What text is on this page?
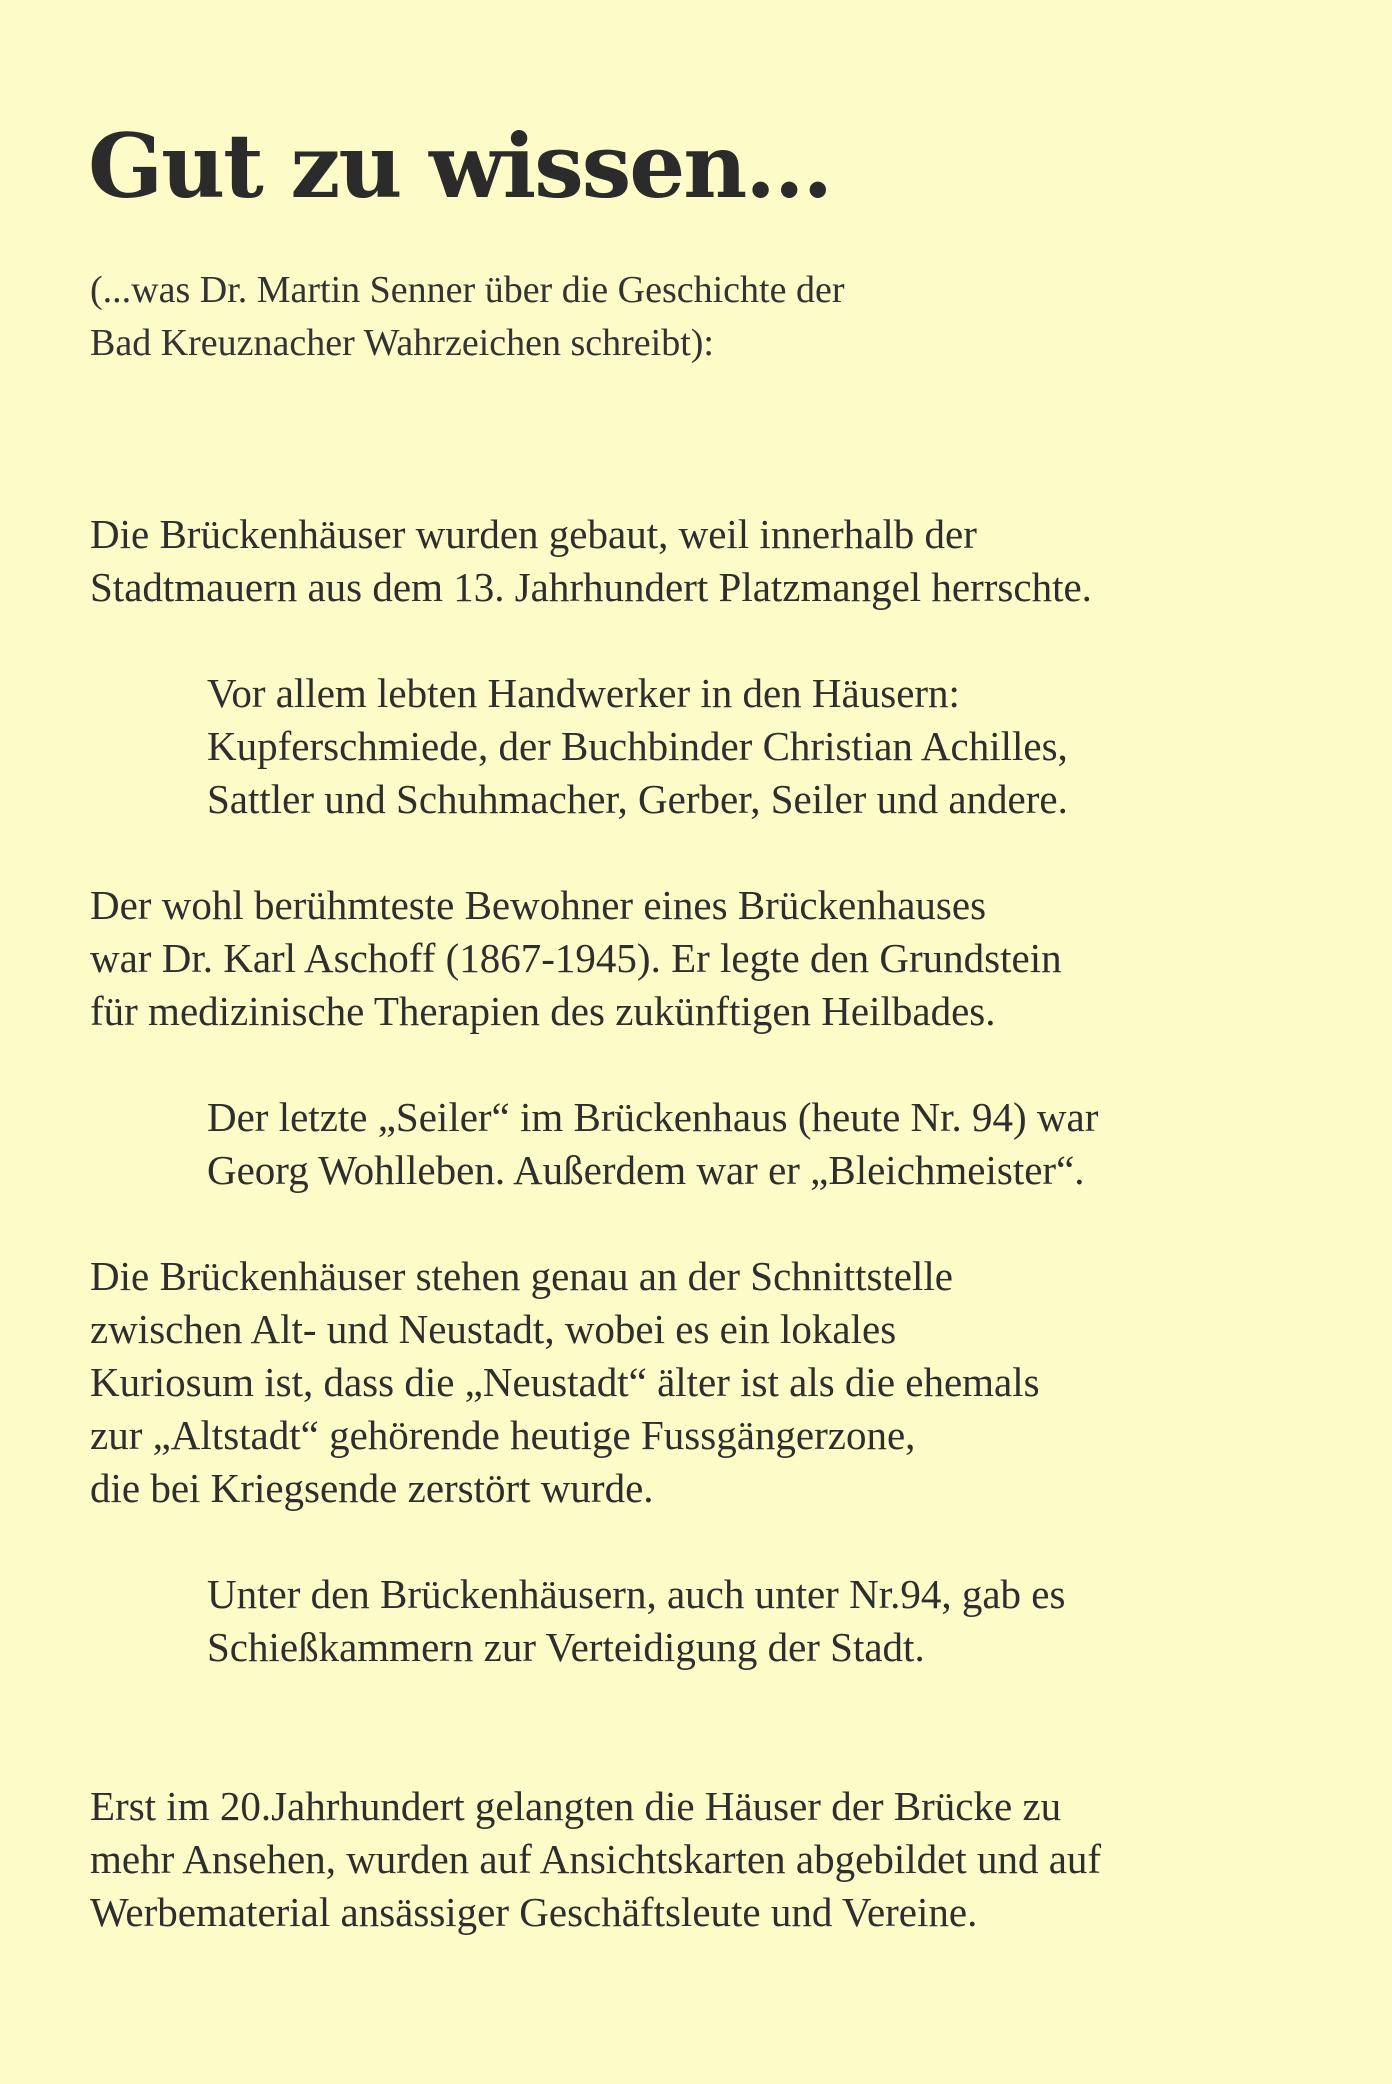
Gut zu wissen...

(...was Dr. Martin Senner über die Geschichte der
Bad Kreuznacher Wahrzeichen schreibt):

Die Brückenhäuser wurden gebaut, weil innerhalb der
Stadtmauern aus dem 13. Jahrhundert Platzmangel herrschte.

Vor allem lebten Handwerker in den Häusern:
Kupferschmiede, der Buchbinder Christian Achilles,
Sattler und Schuhmacher, Gerber, Seiler und andere.

Der wohl berühmteste Bewohner eines Brückenhauses
war Dr. Karl Aschoff (1867-1945). Er legte den Grundstein
für medizinische Therapien des zukünftigen Heilbades.

Der letzte „Seiler“ im Brückenhaus (heute Nr. 94) war
Georg Wohlleben. Außerdem war er „Bleichmeister“.

Die Brückenhäuser stehen genau an der Schnittstelle
zwischen Alt- und Neustadt, wobei es ein lokales
Kuriosum ist, dass die „Neustadt“ älter ist als die ehemals
zur „Altstadt“ gehörende heutige Fussgängerzone,
die bei Kriegsende zerstört wurde.

Unter den Brückenhäusern, auch unter Nr.94, gab es
Schießkammern zur Verteidigung der Stadt.

Erst im 20.Jahrhundert gelangten die Häuser der Brücke zu
mehr Ansehen, wurden auf Ansichtskarten abgebildet und auf
Werbematerial ansässiger Geschäftsleute und Vereine.
